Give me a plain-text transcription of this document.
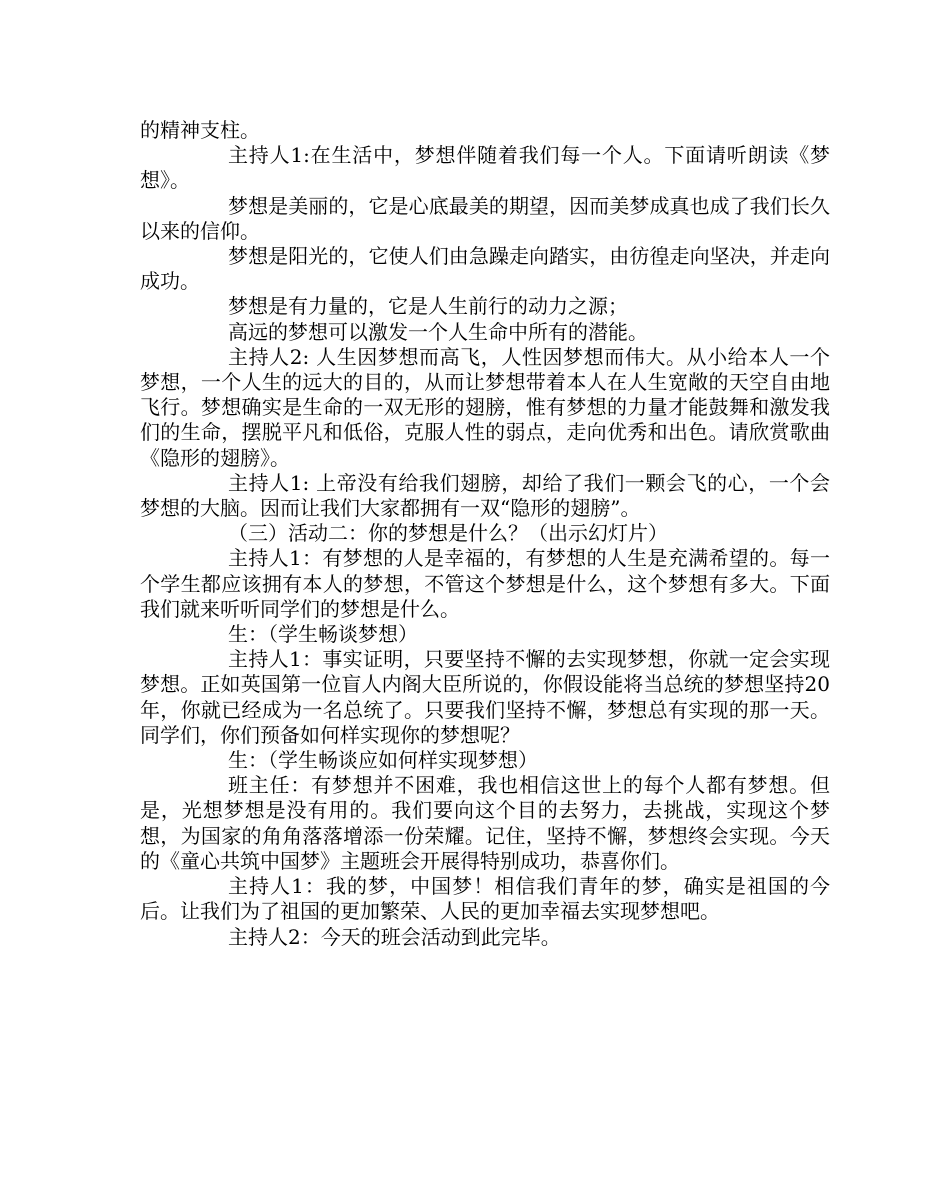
的精神支柱。

主持人1:在生活中，梦想伴随着我们每一个人。下面请听朗读《梦想》。

梦想是美丽的，它是心底最美的期望，因而美梦成真也成了我们长久以来的信仰。

梦想是阳光的，它使人们由急躁走向踏实，由彷徨走向坚决，并走向成功。

梦想是有力量的，它是人生前行的动力之源；

高远的梦想可以激发一个人生命中所有的潜能。

主持人2: 人生因梦想而高飞，人性因梦想而伟大。从小给本人一个梦想，一个人生的远大的目的，从而让梦想带着本人在人生宽敞的天空自由地飞行。梦想确实是生命的一双无形的翅膀，惟有梦想的力量才能鼓舞和激发我们的生命，摆脱平凡和低俗，克服人性的弱点，走向优秀和出色。请欣赏歌曲《隐形的翅膀》。

主持人1: 上帝没有给我们翅膀，却给了我们一颗会飞的心，一个会梦想的大脑。因而让我们大家都拥有一双“隐形的翅膀”。

（三）活动二：你的梦想是什么？（出示幻灯片）

主持人1：有梦想的人是幸福的，有梦想的人生是充满希望的。每一个学生都应该拥有本人的梦想，不管这个梦想是什么，这个梦想有多大。下面我们就来听听同学们的梦想是什么。

生：（学生畅谈梦想）

主持人1：事实证明，只要坚持不懈的去实现梦想，你就一定会实现梦想。正如英国第一位盲人内阁大臣所说的，你假设能将当总统的梦想坚持20年，你就已经成为一名总统了。只要我们坚持不懈，梦想总有实现的那一天。同学们，你们预备如何样实现你的梦想呢？

生：（学生畅谈应如何样实现梦想）

班主任：有梦想并不困难，我也相信这世上的每个人都有梦想。但是，光想梦想是没有用的。我们要向这个目的去努力，去挑战，实现这个梦想，为国家的角角落落增添一份荣耀。记住，坚持不懈，梦想终会实现。今天的《童心共筑中国梦》主题班会开展得特别成功，恭喜你们。

主持人1：我的梦，中国梦！相信我们青年的梦，确实是祖国的今后。让我们为了祖国的更加繁荣、人民的更加幸福去实现梦想吧。

主持人2：今天的班会活动到此完毕。
